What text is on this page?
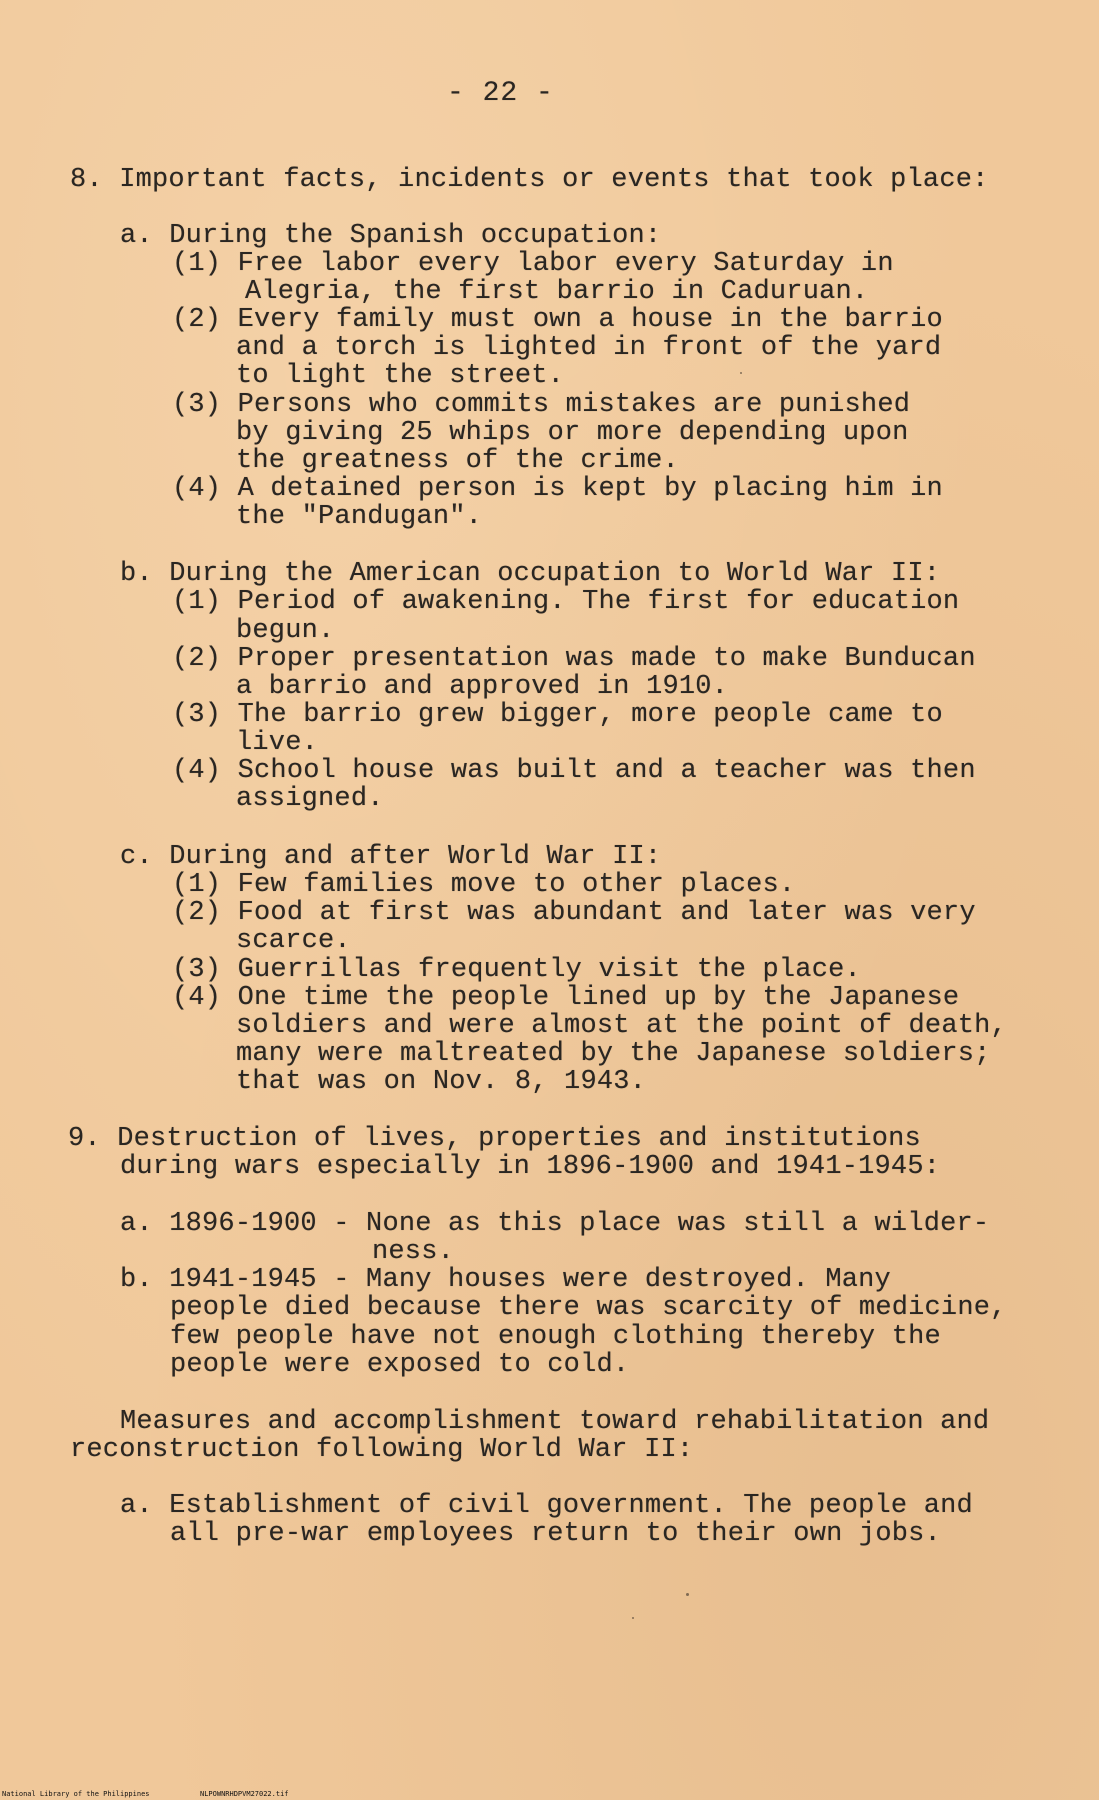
- 22 -
8. Important facts, incidents or events that took place:
a. During the Spanish occupation:
(1) Free labor every labor every Saturday in
Alegria, the first barrio in Caduruan.
(2) Every family must own a house in the barrio
and a torch is lighted in front of the yard
to light the street.
(3) Persons who commits mistakes are punished
by giving 25 whips or more depending upon
the greatness of the crime.
(4) A detained person is kept by placing him in
the "Pandugan".
b. During the American occupation to World War II:
(1) Period of awakening. The first for education
begun.
(2) Proper presentation was made to make Bunducan
a barrio and approved in 1910.
(3) The barrio grew bigger, more people came to
live.
(4) School house was built and a teacher was then
assigned.
c. During and after World War II:
(1) Few families move to other places.
(2) Food at first was abundant and later was very
scarce.
(3) Guerrillas frequently visit the place.
(4) One time the people lined up by the Japanese
soldiers and were almost at the point of death,
many were maltreated by the Japanese soldiers;
that was on Nov. 8, 1943.
9. Destruction of lives, properties and institutions
during wars especially in 1896-1900 and 1941-1945:
a. 1896-1900 - None as this place was still a wilder-
ness.
b. 1941-1945 - Many houses were destroyed. Many
people died because there was scarcity of medicine,
few people have not enough clothing thereby the
people were exposed to cold.
Measures and accomplishment toward rehabilitation and
reconstruction following World War II:
a. Establishment of civil government. The people and
all pre-war employees return to their own jobs.
National Library of the Philippines	NLPOWNRHDPVM27022.tif
